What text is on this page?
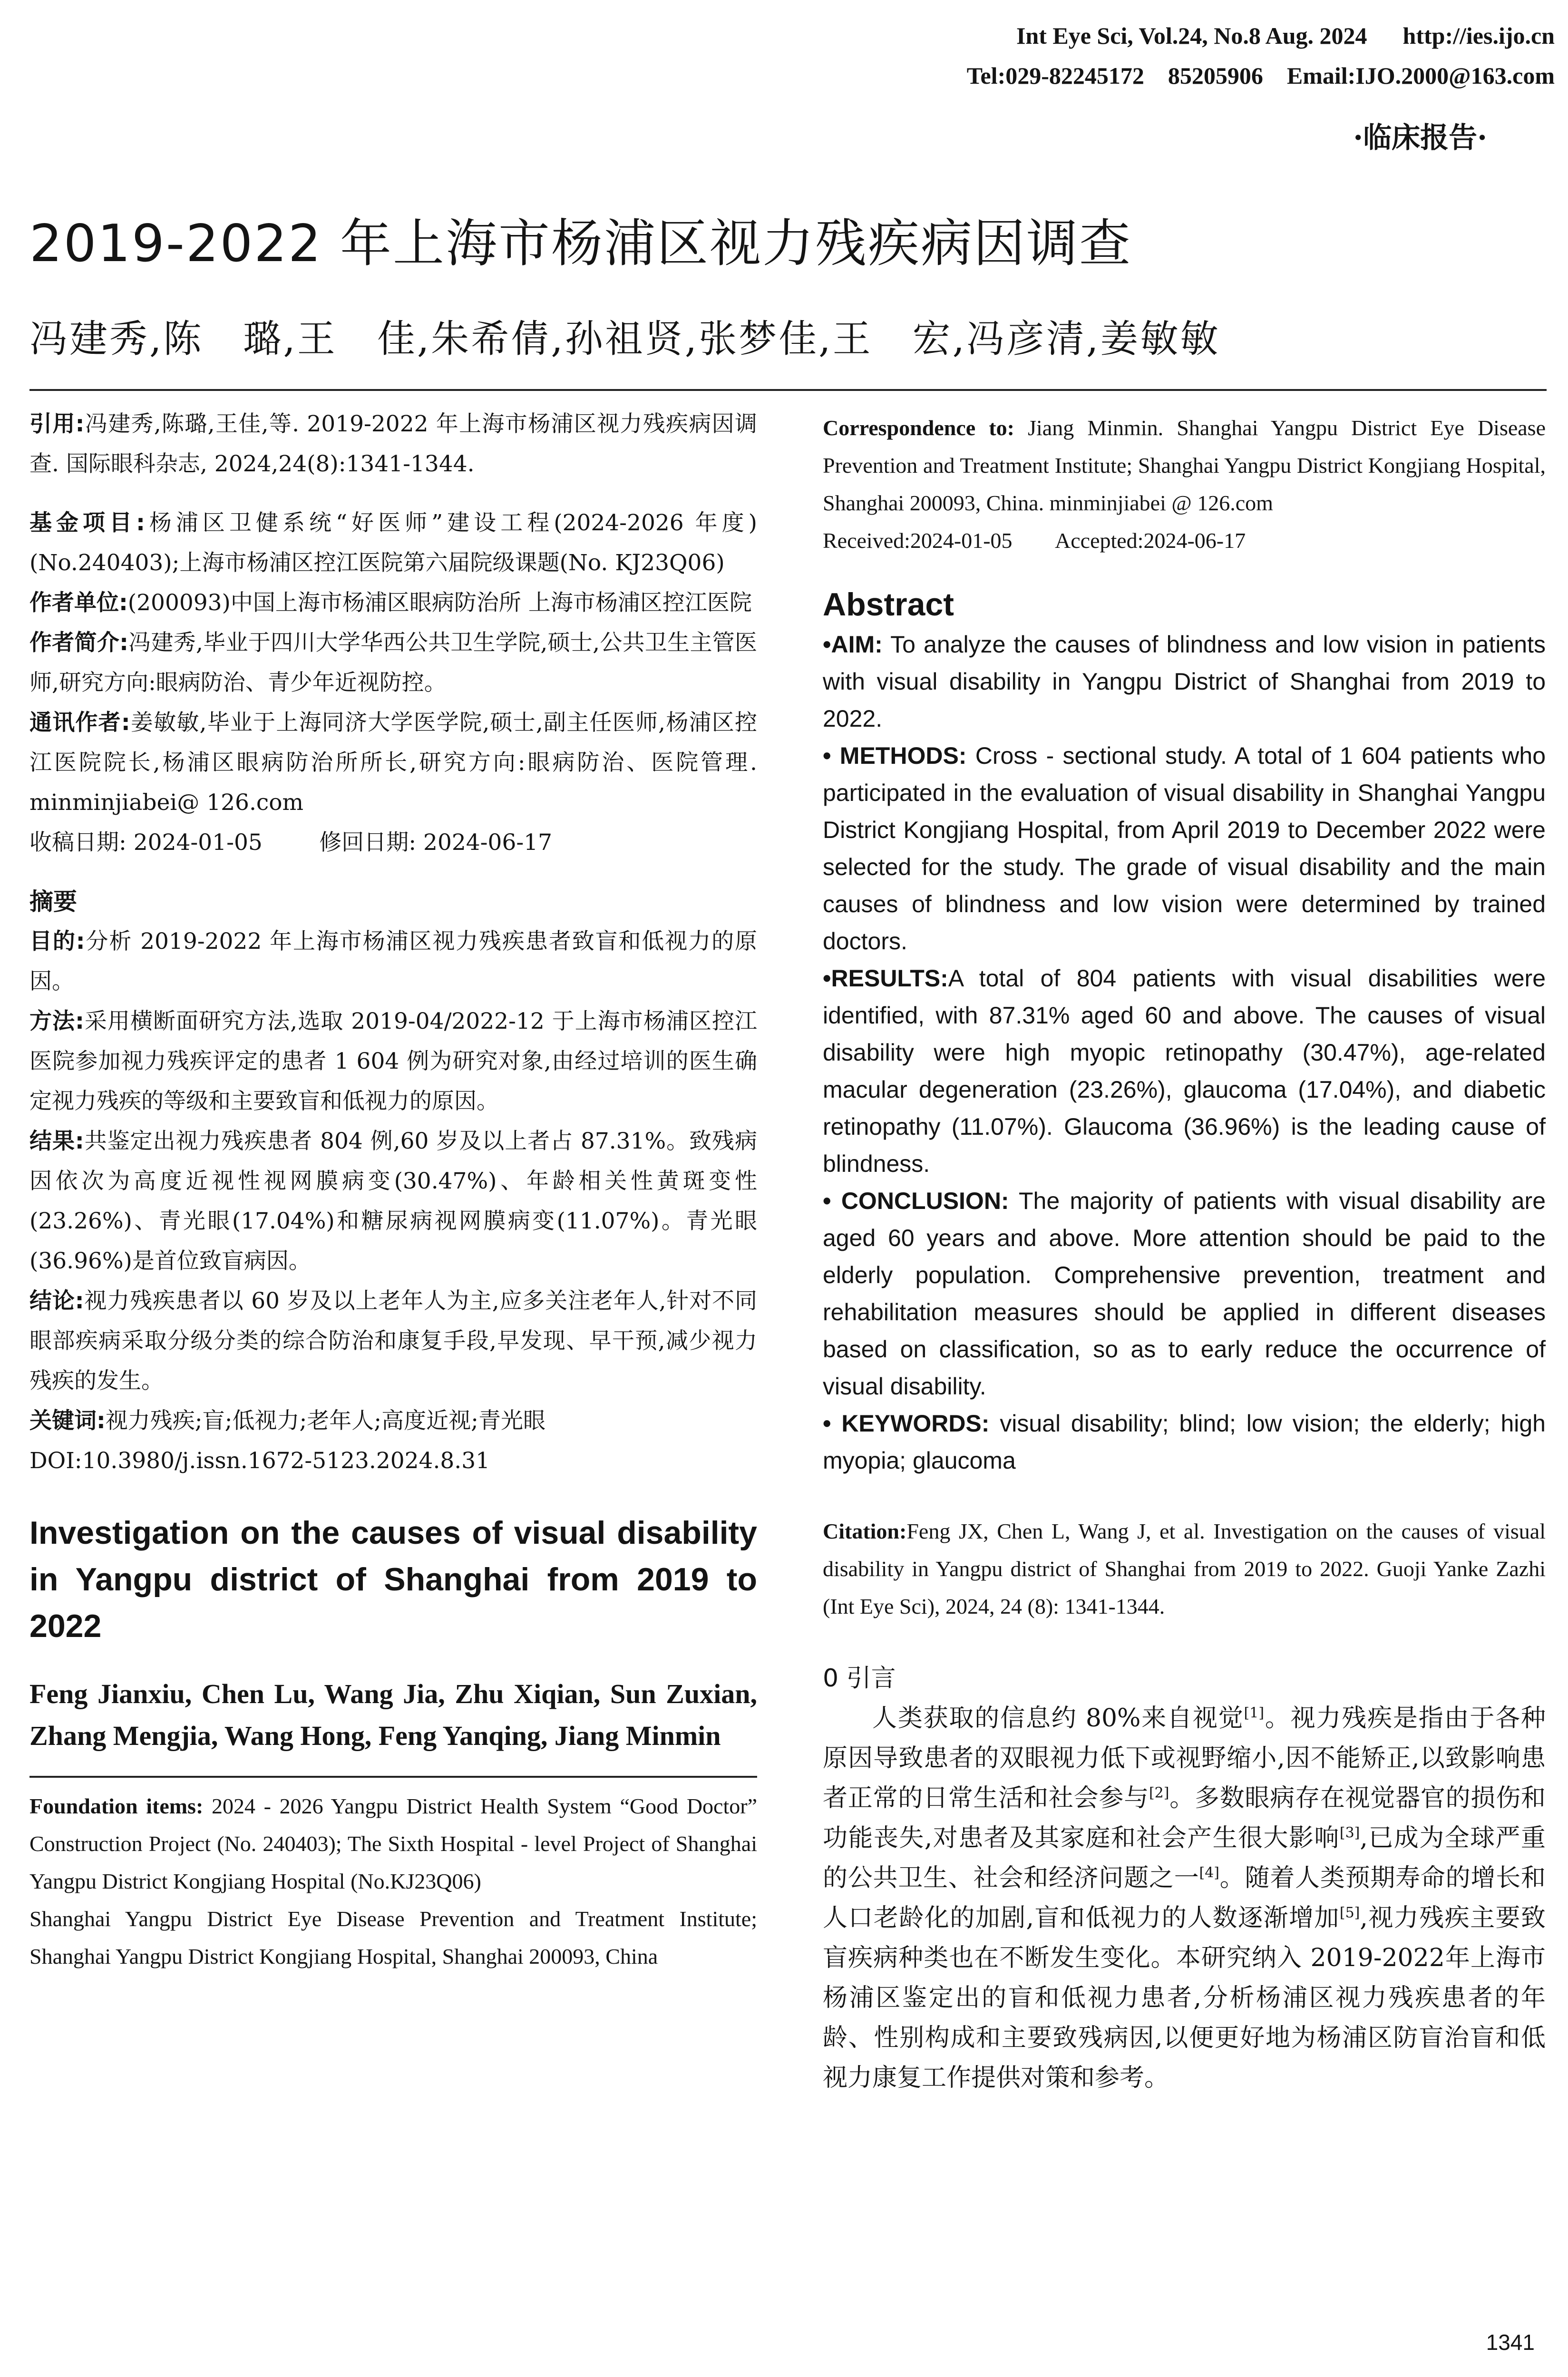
Int Eye Sci, Vol.24, No.8 Aug. 2024      http://ies.ijo.cn
Tel:029-82245172    85205906    Email:IJO.2000@163.com
·临床报告·
2019-2022 年上海市杨浦区视力残疾病因调查
冯建秀,陈　璐,王　佳,朱希倩,孙祖贤,张梦佳,王　宏,冯彦清,姜敏敏
引用:冯建秀,陈璐,王佳,等. 2019-2022 年上海市杨浦区视力残疾病因调查. 国际眼科杂志, 2024,24(8):1341-1344.
基金项目:杨浦区卫健系统“好医师”建设工程(2024-2026 年度)(No.240403);上海市杨浦区控江医院第六届院级课题(No. KJ23Q06)
作者单位:(200093)中国上海市杨浦区眼病防治所 上海市杨浦区控江医院
作者简介:冯建秀,毕业于四川大学华西公共卫生学院,硕士,公共卫生主管医师,研究方向:眼病防治、青少年近视防控。
通讯作者:姜敏敏,毕业于上海同济大学医学院,硕士,副主任医师,杨浦区控江医院院长,杨浦区眼病防治所所长,研究方向:眼病防治、医院管理. minminjiabei@ 126.com
收稿日期: 2024-01-05        修回日期: 2024-06-17
摘要
目的:分析 2019-2022 年上海市杨浦区视力残疾患者致盲和低视力的原因。
方法:采用横断面研究方法,选取 2019-04/2022-12 于上海市杨浦区控江医院参加视力残疾评定的患者 1 604 例为研究对象,由经过培训的医生确定视力残疾的等级和主要致盲和低视力的原因。
结果:共鉴定出视力残疾患者 804 例,60 岁及以上者占 87.31%。致残病因依次为高度近视性视网膜病变(30.47%)、年龄相关性黄斑变性(23.26%)、青光眼(17.04%)和糖尿病视网膜病变(11.07%)。青光眼(36.96%)是首位致盲病因。
结论:视力残疾患者以 60 岁及以上老年人为主,应多关注老年人,针对不同眼部疾病采取分级分类的综合防治和康复手段,早发现、早干预,减少视力残疾的发生。
关键词:视力残疾;盲;低视力;老年人;高度近视;青光眼
DOI:10.3980/j.issn.1672-5123.2024.8.31
Investigation on the causes of visual disability in Yangpu district of Shanghai from 2019 to 2022
Feng Jianxiu, Chen Lu, Wang Jia, Zhu Xiqian, Sun Zuxian, Zhang Mengjia, Wang Hong, Feng Yanqing, Jiang Minmin
Foundation items: 2024 - 2026 Yangpu District Health System “Good Doctor” Construction Project (No. 240403); The Sixth Hospital - level Project of Shanghai Yangpu District Kongjiang Hospital (No.KJ23Q06)
Shanghai Yangpu District Eye Disease Prevention and Treatment Institute; Shanghai Yangpu District Kongjiang Hospital, Shanghai 200093, China
Correspondence to: Jiang Minmin. Shanghai Yangpu District Eye Disease Prevention and Treatment Institute; Shanghai Yangpu District Kongjiang Hospital, Shanghai 200093, China. minminjiabei @ 126.com
Received:2024-01-05        Accepted:2024-06-17
Abstract
•AIM: To analyze the causes of blindness and low vision in patients with visual disability in Yangpu District of Shanghai from 2019 to 2022.
• METHODS: Cross - sectional study. A total of 1 604 patients who participated in the evaluation of visual disability in Shanghai Yangpu District Kongjiang Hospital, from April 2019 to December 2022 were selected for the study. The grade of visual disability and the main causes of blindness and low vision were determined by trained doctors.
•RESULTS:A total of 804 patients with visual disabilities were identified, with 87.31% aged 60 and above. The causes of visual disability were high myopic retinopathy (30.47%), age-related macular degeneration (23.26%), glaucoma (17.04%), and diabetic retinopathy (11.07%). Glaucoma (36.96%) is the leading cause of blindness.
• CONCLUSION: The majority of patients with visual disability are aged 60 years and above. More attention should be paid to the elderly population. Comprehensive prevention, treatment and rehabilitation measures should be applied in different diseases based on classification, so as to early reduce the occurrence of visual disability.
• KEYWORDS: visual disability; blind; low vision; the elderly; high myopia; glaucoma
Citation:Feng JX, Chen L, Wang J, et al. Investigation on the causes of visual disability in Yangpu district of Shanghai from 2019 to 2022. Guoji Yanke Zazhi (Int Eye Sci), 2024, 24 (8): 1341-1344.
0 引言
人类获取的信息约 80%来自视觉[1]。视力残疾是指由于各种原因导致患者的双眼视力低下或视野缩小,因不能矫正,以致影响患者正常的日常生活和社会参与[2]。多数眼病存在视觉器官的损伤和功能丧失,对患者及其家庭和社会产生很大影响[3],已成为全球严重的公共卫生、社会和经济问题之一[4]。随着人类预期寿命的增长和人口老龄化的加剧,盲和低视力的人数逐渐增加[5],视力残疾主要致盲疾病种类也在不断发生变化。本研究纳入 2019-2022年上海市杨浦区鉴定出的盲和低视力患者,分析杨浦区视力残疾患者的年龄、性别构成和主要致残病因,以便更好地为杨浦区防盲治盲和低视力康复工作提供对策和参考。
1341
